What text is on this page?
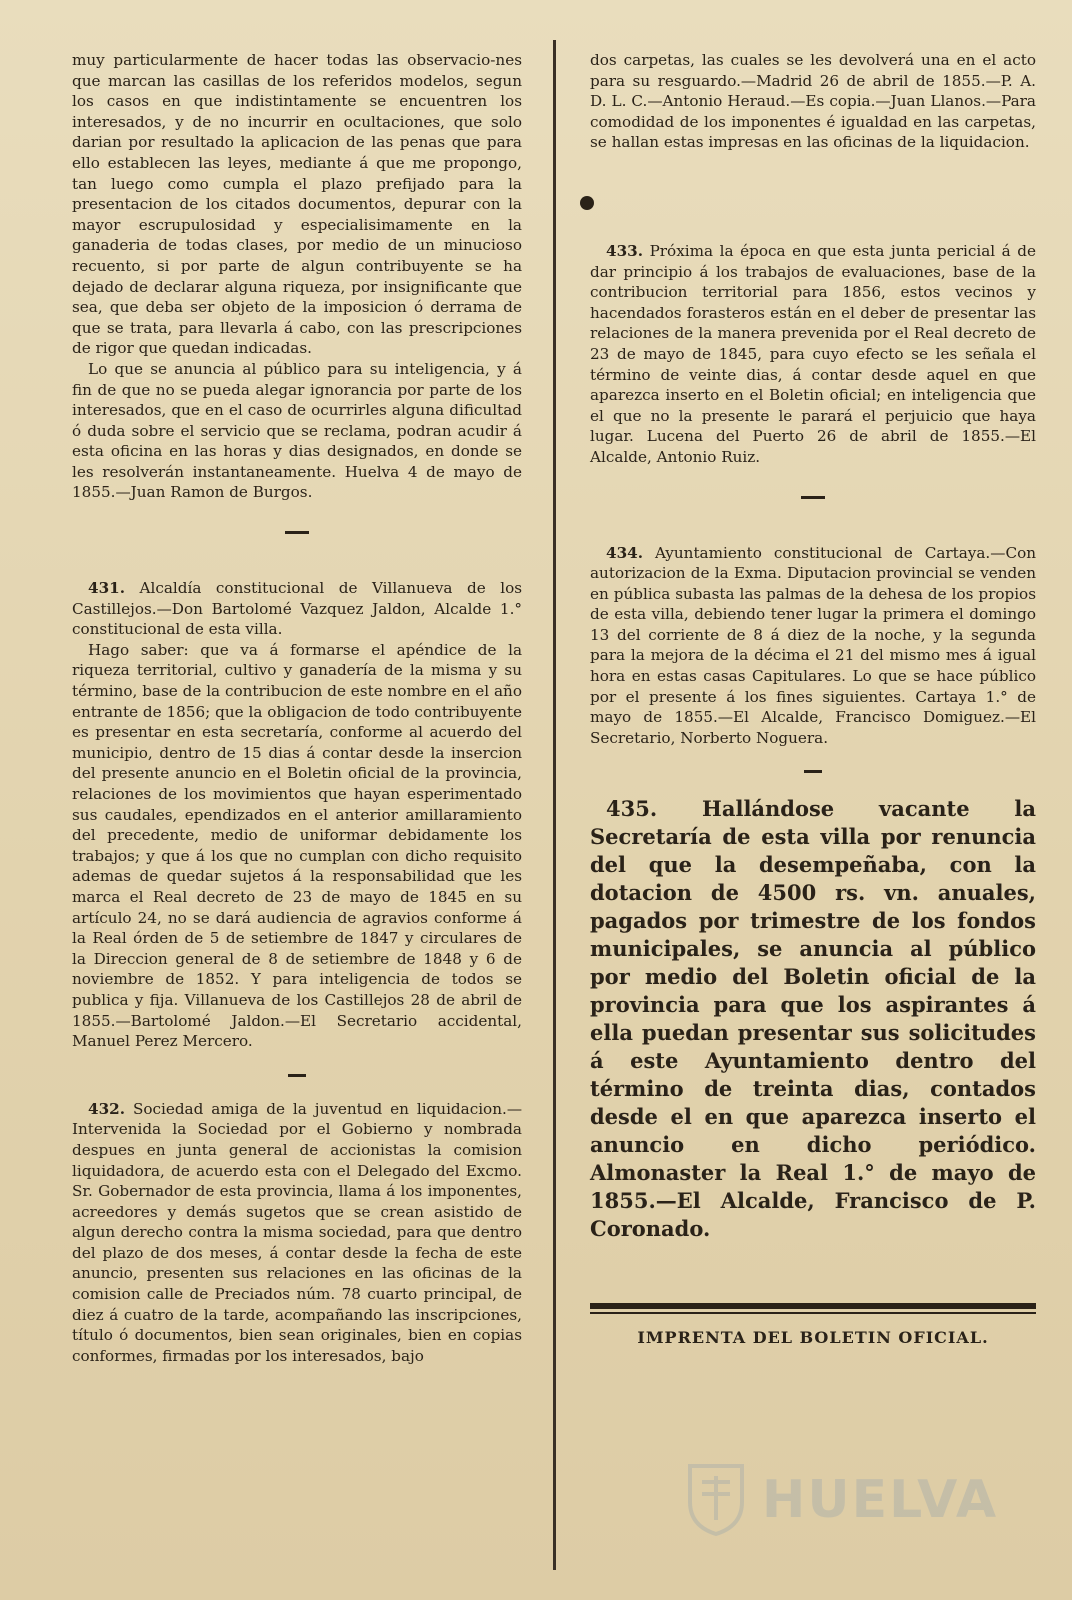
muy particularmente de hacer todas las observacio-nes que marcan las casillas de los referidos modelos, segun los casos en que indistintamente se encuentren los interesados, y de no incurrir en ocultaciones, que solo darian por resultado la aplicacion de las penas que para ello establecen las leyes, mediante á que me propongo, tan luego como cumpla el plazo prefijado para la presentacion de los citados documentos, depurar con la mayor escrupulosidad y especialisimamente en la ganaderia de todas clases, por medio de un minucioso recuento, si por parte de algun contribuyente se ha dejado de declarar alguna riqueza, por insignificante que sea, que deba ser objeto de la imposicion ó derrama de que se trata, para llevarla á cabo, con las prescripciones de rigor que quedan indicadas.

Lo que se anuncia al público para su inteligencia, y á fin de que no se pueda alegar ignorancia por parte de los interesados, que en el caso de ocurrirles alguna dificultad ó duda sobre el servicio que se reclama, podran acudir á esta oficina en las horas y dias designados, en donde se les resolverán instantaneamente. Huelva 4 de mayo de 1855.—Juan Ramon de Burgos.

431. Alcaldía constitucional de Villanueva de los Castillejos.—Don Bartolomé Vazquez Jaldon, Alcalde 1.° constitucional de esta villa.

Hago saber: que va á formarse el apéndice de la riqueza territorial, cultivo y ganadería de la misma y su término, base de la contribucion de este nombre en el año entrante de 1856; que la obligacion de todo contribuyente es presentar en esta secretaría, conforme al acuerdo del municipio, dentro de 15 dias á contar desde la insercion del presente anuncio en el Boletin oficial de la provincia, relaciones de los movimientos que hayan esperimentado sus caudales, ependizados en el anterior amillaramiento del precedente, medio de uniformar debidamente los trabajos; y que á los que no cumplan con dicho requisito ademas de quedar sujetos á la responsabilidad que les marca el Real decreto de 23 de mayo de 1845 en su artículo 24, no se dará audiencia de agravios conforme á la Real órden de 5 de setiembre de 1847 y circulares de la Direccion general de 8 de setiembre de 1848 y 6 de noviembre de 1852. Y para inteligencia de todos se publica y fija. Villanueva de los Castillejos 28 de abril de 1855.—Bartolomé Jaldon.—El Secretario accidental, Manuel Perez Mercero.

432. Sociedad amiga de la juventud en liquidacion.—Intervenida la Sociedad por el Gobierno y nombrada despues en junta general de accionistas la comision liquidadora, de acuerdo esta con el Delegado del Excmo. Sr. Gobernador de esta provincia, llama á los imponentes, acreedores y demás sugetos que se crean asistido de algun derecho contra la misma sociedad, para que dentro del plazo de dos meses, á contar desde la fecha de este anuncio, presenten sus relaciones en las oficinas de la comision calle de Preciados núm. 78 cuarto principal, de diez á cuatro de la tarde, acompañando las inscripciones, título ó documentos, bien sean originales, bien en copias conformes, firmadas por los interesados, bajo

dos carpetas, las cuales se les devolverá una en el acto para su resguardo.—Madrid 26 de abril de 1855.—P. A. D. L. C.—Antonio Heraud.—Es copia.—Juan Llanos.—Para comodidad de los imponentes é igualdad en las carpetas, se hallan estas impresas en las oficinas de la liquidacion.

433. Próxima la época en que esta junta pericial á de dar principio á los trabajos de evaluaciones, base de la contribucion territorial para 1856, estos vecinos y hacendados forasteros están en el deber de presentar las relaciones de la manera prevenida por el Real decreto de 23 de mayo de 1845, para cuyo efecto se les señala el término de veinte dias, á contar desde aquel en que aparezca inserto en el Boletin oficial; en inteligencia que el que no la presente le parará el perjuicio que haya lugar. Lucena del Puerto 26 de abril de 1855.—El Alcalde, Antonio Ruiz.

434. Ayuntamiento constitucional de Cartaya.—Con autorizacion de la Exma. Diputacion provincial se venden en pública subasta las palmas de la dehesa de los propios de esta villa, debiendo tener lugar la primera el domingo 13 del corriente de 8 á diez de la noche, y la segunda para la mejora de la décima el 21 del mismo mes á igual hora en estas casas Capitulares. Lo que se hace público por el presente á los fines siguientes. Cartaya 1.° de mayo de 1855.—El Alcalde, Francisco Domiguez.—El Secretario, Norberto Noguera.

435. Hallándose vacante la Secretaría de esta villa por renuncia del que la desempeñaba, con la dotacion de 4500 rs. vn. anuales, pagados por trimestre de los fondos municipales, se anuncia al público por medio del Boletin oficial de la provincia para que los aspirantes á ella puedan presentar sus solicitudes á este Ayuntamiento dentro del término de treinta dias, contados desde el en que aparezca inserto el anuncio en dicho periódico. Almonaster la Real 1.° de mayo de 1855.—El Alcalde, Francisco de P. Coronado.

IMPRENTA DEL BOLETIN OFICIAL.
HUELVA
